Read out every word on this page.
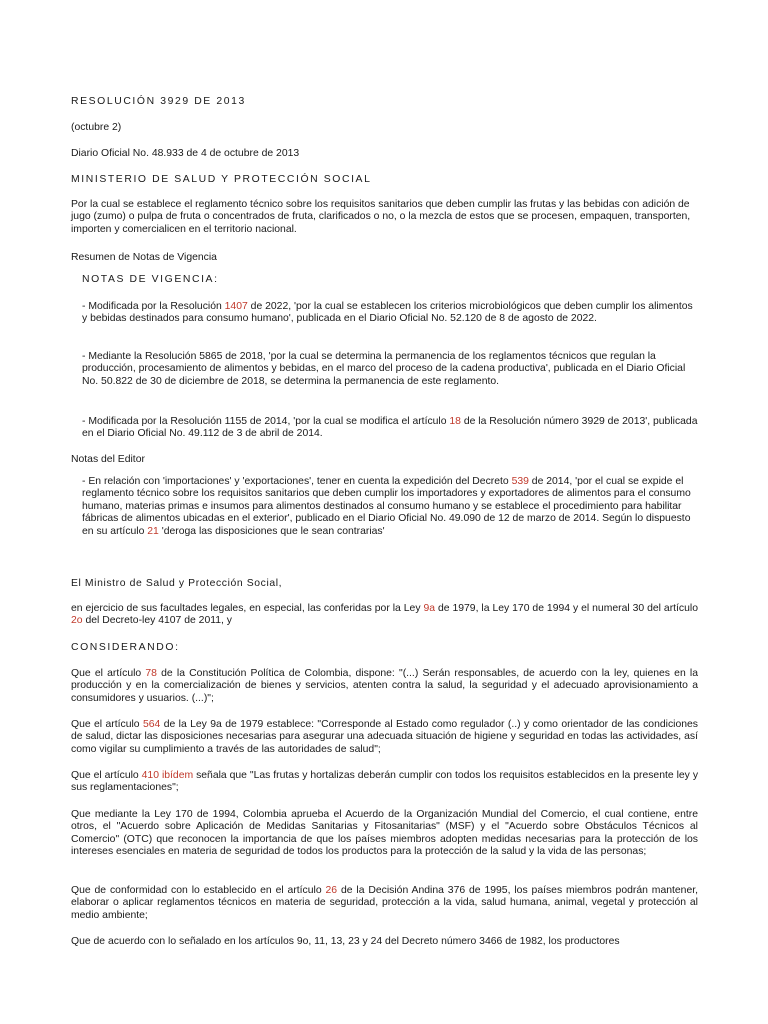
RESOLUCIÓN 3929 DE 2013

(octubre 2)

Diario Oficial No. 48.933 de 4 de octubre de 2013

MINISTERIO DE SALUD Y PROTECCIÓN SOCIAL

Por la cual se establece el reglamento técnico sobre los requisitos sanitarios que deben cumplir las frutas y las bebidas con adición de jugo (zumo) o pulpa de fruta o concentrados de fruta, clarificados o no, o la mezcla de estos que se procesen, empaquen, transporten, importen y comercialicen en el territorio nacional.

Resumen de Notas de Vigencia

NOTAS DE VIGENCIA:

- Modificada por la Resolución 1407 de 2022, 'por la cual se establecen los criterios microbiológicos que deben cumplir los alimentos y bebidas destinados para consumo humano', publicada en el Diario Oficial No. 52.120 de 8 de agosto de 2022.

- Mediante la Resolución 5865 de 2018, 'por la cual se determina la permanencia de los reglamentos técnicos que regulan la producción, procesamiento de alimentos y bebidas, en el marco del proceso de la cadena productiva', publicada en el Diario Oficial No. 50.822 de 30 de diciembre de 2018, se determina la permanencia de este reglamento.

- Modificada por la Resolución 1155 de 2014, 'por la cual se modifica el artículo 18 de la Resolución número 3929 de 2013', publicada en el Diario Oficial No. 49.112 de 3 de abril de 2014.

Notas del Editor

- En relación con 'importaciones' y 'exportaciones', tener en cuenta la expedición del Decreto 539 de 2014, 'por el cual se expide el reglamento técnico sobre los requisitos sanitarios que deben cumplir los importadores y exportadores de alimentos para el consumo humano, materias primas e insumos para alimentos destinados al consumo humano y se establece el procedimiento para habilitar fábricas de alimentos ubicadas en el exterior', publicado en el Diario Oficial No. 49.090 de 12 de marzo de 2014. Según lo dispuesto en su artículo 21 'deroga las disposiciones que le sean contrarias'

El Ministro de Salud y Protección Social,

en ejercicio de sus facultades legales, en especial, las conferidas por la Ley 9a de 1979, la Ley 170 de 1994 y el numeral 30 del artículo 2o del Decreto-ley 4107 de 2011, y

CONSIDERANDO:

Que el artículo 78 de la Constitución Política de Colombia, dispone: "(...) Serán responsables, de acuerdo con la ley, quienes en la producción y en la comercialización de bienes y servicios, atenten contra la salud, la seguridad y el adecuado aprovisionamiento a consumidores y usuarios. (...)";

Que el artículo 564 de la Ley 9a de 1979 establece: "Corresponde al Estado como regulador (..) y como orientador de las condiciones de salud, dictar las disposiciones necesarias para asegurar una adecuada situación de higiene y seguridad en todas las actividades, así como vigilar su cumplimiento a través de las autoridades de salud";

Que el artículo 410 ibídem señala que "Las frutas y hortalizas deberán cumplir con todos los requisitos establecidos en la presente ley y sus reglamentaciones";

Que mediante la Ley 170 de 1994, Colombia aprueba el Acuerdo de la Organización Mundial del Comercio, el cual contiene, entre otros, el "Acuerdo sobre Aplicación de Medidas Sanitarias y Fitosanitarias" (MSF) y el "Acuerdo sobre Obstáculos Técnicos al Comercio" (OTC) que reconocen la importancia de que los países miembros adopten medidas necesarias para la protección de los intereses esenciales en materia de seguridad de todos los productos para la protección de la salud y la vida de las personas;

Que de conformidad con lo establecido en el artículo 26 de la Decisión Andina 376 de 1995, los países miembros podrán mantener, elaborar o aplicar reglamentos técnicos en materia de seguridad, protección a la vida, salud humana, animal, vegetal y protección al medio ambiente;

Que de acuerdo con lo señalado en los artículos 9o, 11, 13, 23 y 24 del Decreto número 3466 de 1982, los productores
